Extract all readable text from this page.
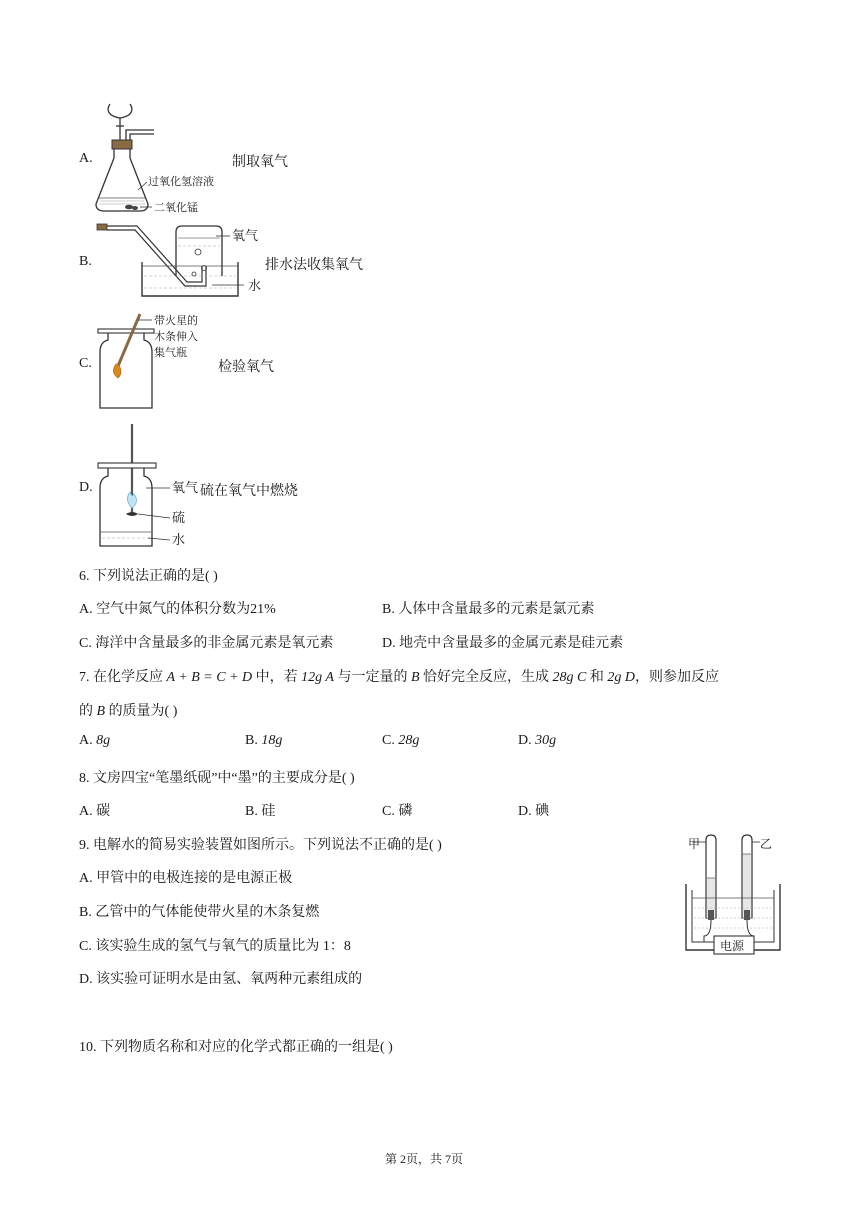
A.
过氧化氢溶液
二氧化锰
制取氧气
B.
氧气
水
排水法收集氧气
C.
带火星的
木条伸入
集气瓶
检验氧气
D.	氧气
硫
水
硫在氧气中燃烧
6. 下列说法正确的是( )
A. 空气中氮气的体积分数为21%	B. 人体中含量最多的元素是氯元素
C. 海洋中含量最多的非金属元素是氧元素	D. 地壳中含量最多的金属元素是硅元素
7. 在化学反应 A + B = C + D 中，若 12g A 与一定量的 B 恰好完全反应，生成 28g C 和 2g D，则参加反应
的 B 的质量为( )
A. 8g	B. 18g	C. 28g	D. 30g
8. 文房四宝“笔墨纸砚”中“墨”的主要成分是( )
A. 碳	B. 硅	C. 磷	D. 碘
9. 电解水的简易实验装置如图所示。下列说法不正确的是( )
A. 甲管中的电极连接的是电源正极
B. 乙管中的气体能使带火星的木条复燃
C. 该实验生成的氢气与氧气的质量比为 1：8
D. 该实验可证明水是由氢、氧两种元素组成的
甲	乙
电源
10. 下列物质名称和对应的化学式都正确的一组是( )
第 2页，共 7页
